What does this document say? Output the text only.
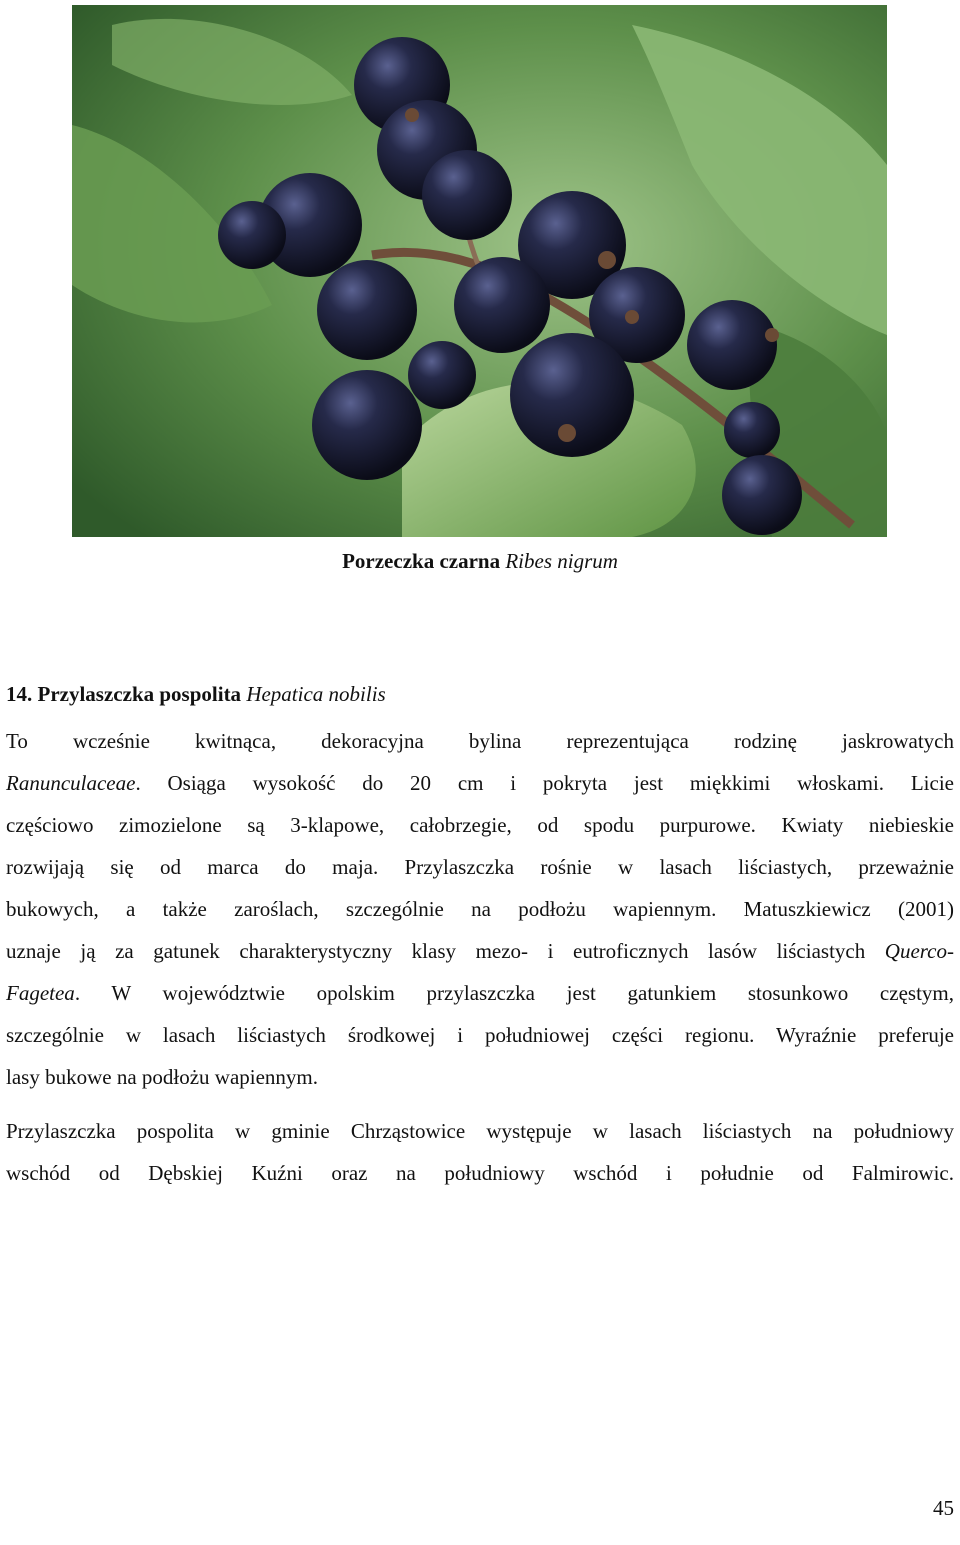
Porzeczka czarna Ribes nigrum
14. Przylaszczka pospolita Hepatica nobilis
To wcześnie kwitnąca, dekoracyjna bylina reprezentująca rodzinę jaskrowatych
Ranunculaceae. Osiąga wysokość do 20 cm i pokryta jest miękkimi włoskami. Licie
częściowo zimozielone są 3-klapowe, całobrzegie, od spodu purpurowe. Kwiaty niebieskie
rozwijają się od marca do maja. Przylaszczka rośnie w lasach liściastych, przeważnie
bukowych, a także zaroślach, szczególnie na podłożu wapiennym. Matuszkiewicz (2001)
uznaje ją za gatunek charakterystyczny klasy mezo- i eutroficznych lasów liściastych Querco-
Fagetea. W województwie opolskim przylaszczka jest gatunkiem stosunkowo częstym,
szczególnie w lasach liściastych środkowej i południowej części regionu. Wyraźnie preferuje
lasy bukowe na podłożu wapiennym.
Przylaszczka pospolita w gminie Chrząstowice występuje w lasach liściastych na południowy
wschód od Dębskiej Kuźni oraz na południowy wschód i południe od Falmirowic.
45
